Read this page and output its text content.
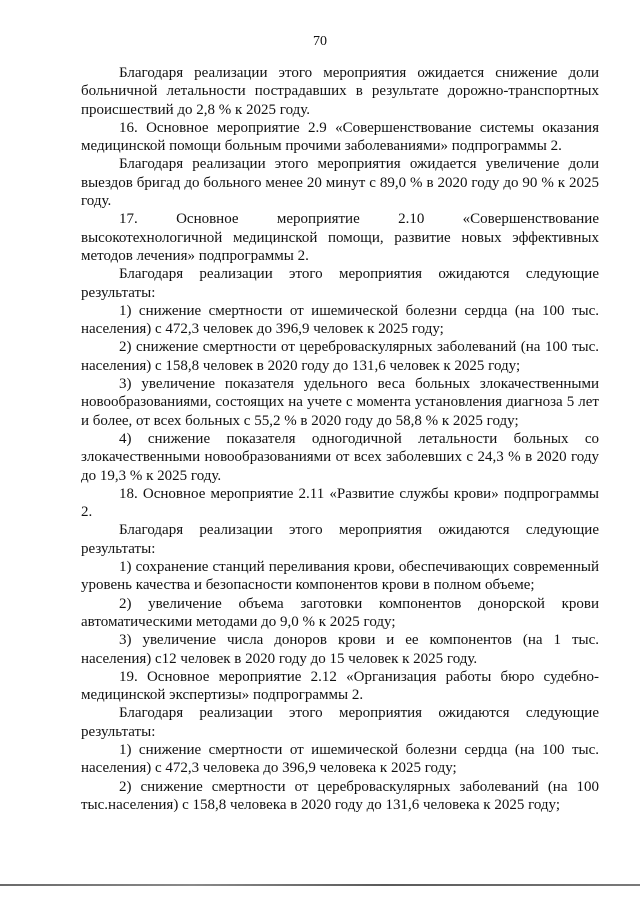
70

Благодаря реализации этого мероприятия ожидается снижение доли больничной летальности пострадавших в результате дорожно-транспортных происшествий до 2,8 % к 2025 году.

16. Основное мероприятие 2.9 «Совершенствование системы оказания медицинской помощи больным прочими заболеваниями» подпрограммы 2.

Благодаря реализации этого мероприятия ожидается увеличение доли выездов бригад до больного менее 20 минут с 89,0 % в 2020 году до 90 % к 2025 году.

17. Основное мероприятие 2.10 «Совершенствование высокотехнологичной медицинской помощи, развитие новых эффективных методов лечения» подпрограммы 2.

Благодаря реализации этого мероприятия ожидаются следующие результаты:

1) снижение смертности от ишемической болезни сердца (на 100 тыс. населения) с 472,3 человек до 396,9 человек к 2025 году;

2) снижение смертности от цереброваскулярных заболеваний (на 100 тыс. населения) с 158,8 человек в 2020 году до 131,6 человек к 2025 году;

3) увеличение показателя удельного веса больных злокачественными новообразованиями, состоящих на учете с момента установления диагноза 5 лет и более, от всех больных с 55,2 % в 2020 году до 58,8 % к 2025 году;

4) снижение показателя одногодичной летальности больных со злокачественными новообразованиями от всех заболевших с 24,3 % в 2020 году до 19,3 % к 2025 году.

18. Основное мероприятие 2.11 «Развитие службы крови» подпрограммы 2.

Благодаря реализации этого мероприятия ожидаются следующие результаты:

1) сохранение станций переливания крови, обеспечивающих современный уровень качества и безопасности компонентов крови в полном объеме;

2) увеличение объема заготовки компонентов донорской крови автоматическими методами до 9,0 % к 2025 году;

3) увеличение числа доноров крови и ее компонентов (на 1 тыс. населения) с12 человек в 2020 году до 15 человек к 2025 году.

19. Основное мероприятие 2.12 «Организация работы бюро судебно-медицинской экспертизы» подпрограммы 2.

Благодаря реализации этого мероприятия ожидаются следующие результаты:

1) снижение смертности от ишемической болезни сердца (на 100 тыс. населения) с 472,3 человека до 396,9 человека к 2025 году;

2) снижение смертности от цереброваскулярных заболеваний (на 100 тыс.населения) с 158,8 человека в 2020 году до 131,6 человека к 2025 году;
